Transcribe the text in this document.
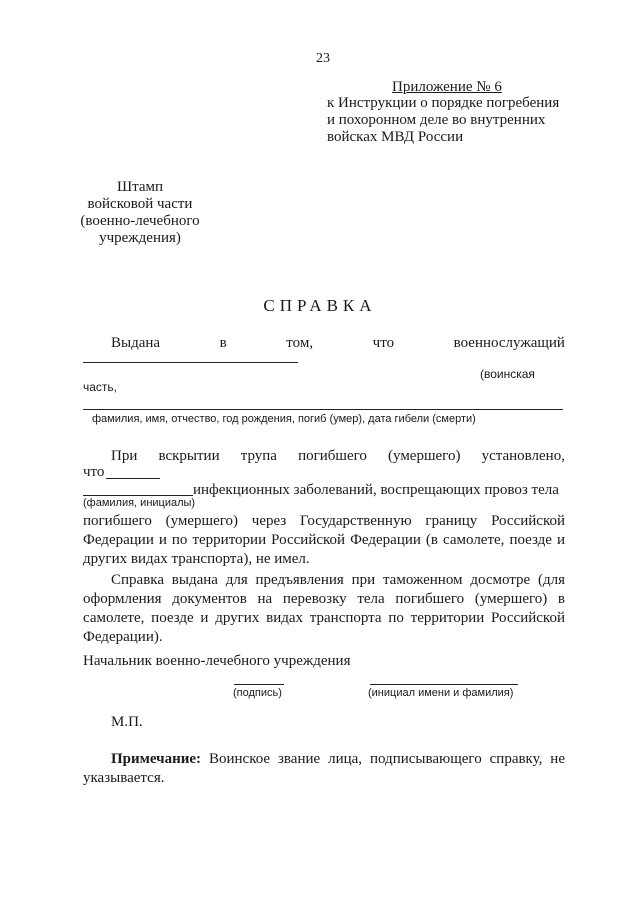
23
Приложение № 6
к Инструкции о порядке погребения
и похоронном деле во внутренних
войсках МВД России
Штамп
войсковой части
(военно-лечебного
учреждения)
СПРАВКА
Выдана	в	том,	что	военнослужащий
(воинская
часть,
фамилия, имя, отчество, год рождения, погиб (умер), дата гибели (смерти)
При вскрытии трупа погибшего (умершего) установлено,
что
инфекционных заболеваний, воспрещающих провоз тела
(фамилия, инициалы)

погибшего (умершего) через Государственную границу Российской

Федерации и по территории Российской Федерации (в самолете, поезде и

других видах транспорта), не имел.

Справка выдана для предъявления при таможенном досмотре (для

оформления документов на перевозку тела погибшего (умершего) в

самолете, поезде и других видах транспорта по территории Российской

Федерации).

Начальник военно-лечебного учреждения
(подпись)	(инициал имени и фамилия)
М.П.

Примечание: Воинское звание лица, подписывающего справку, не

указывается.
